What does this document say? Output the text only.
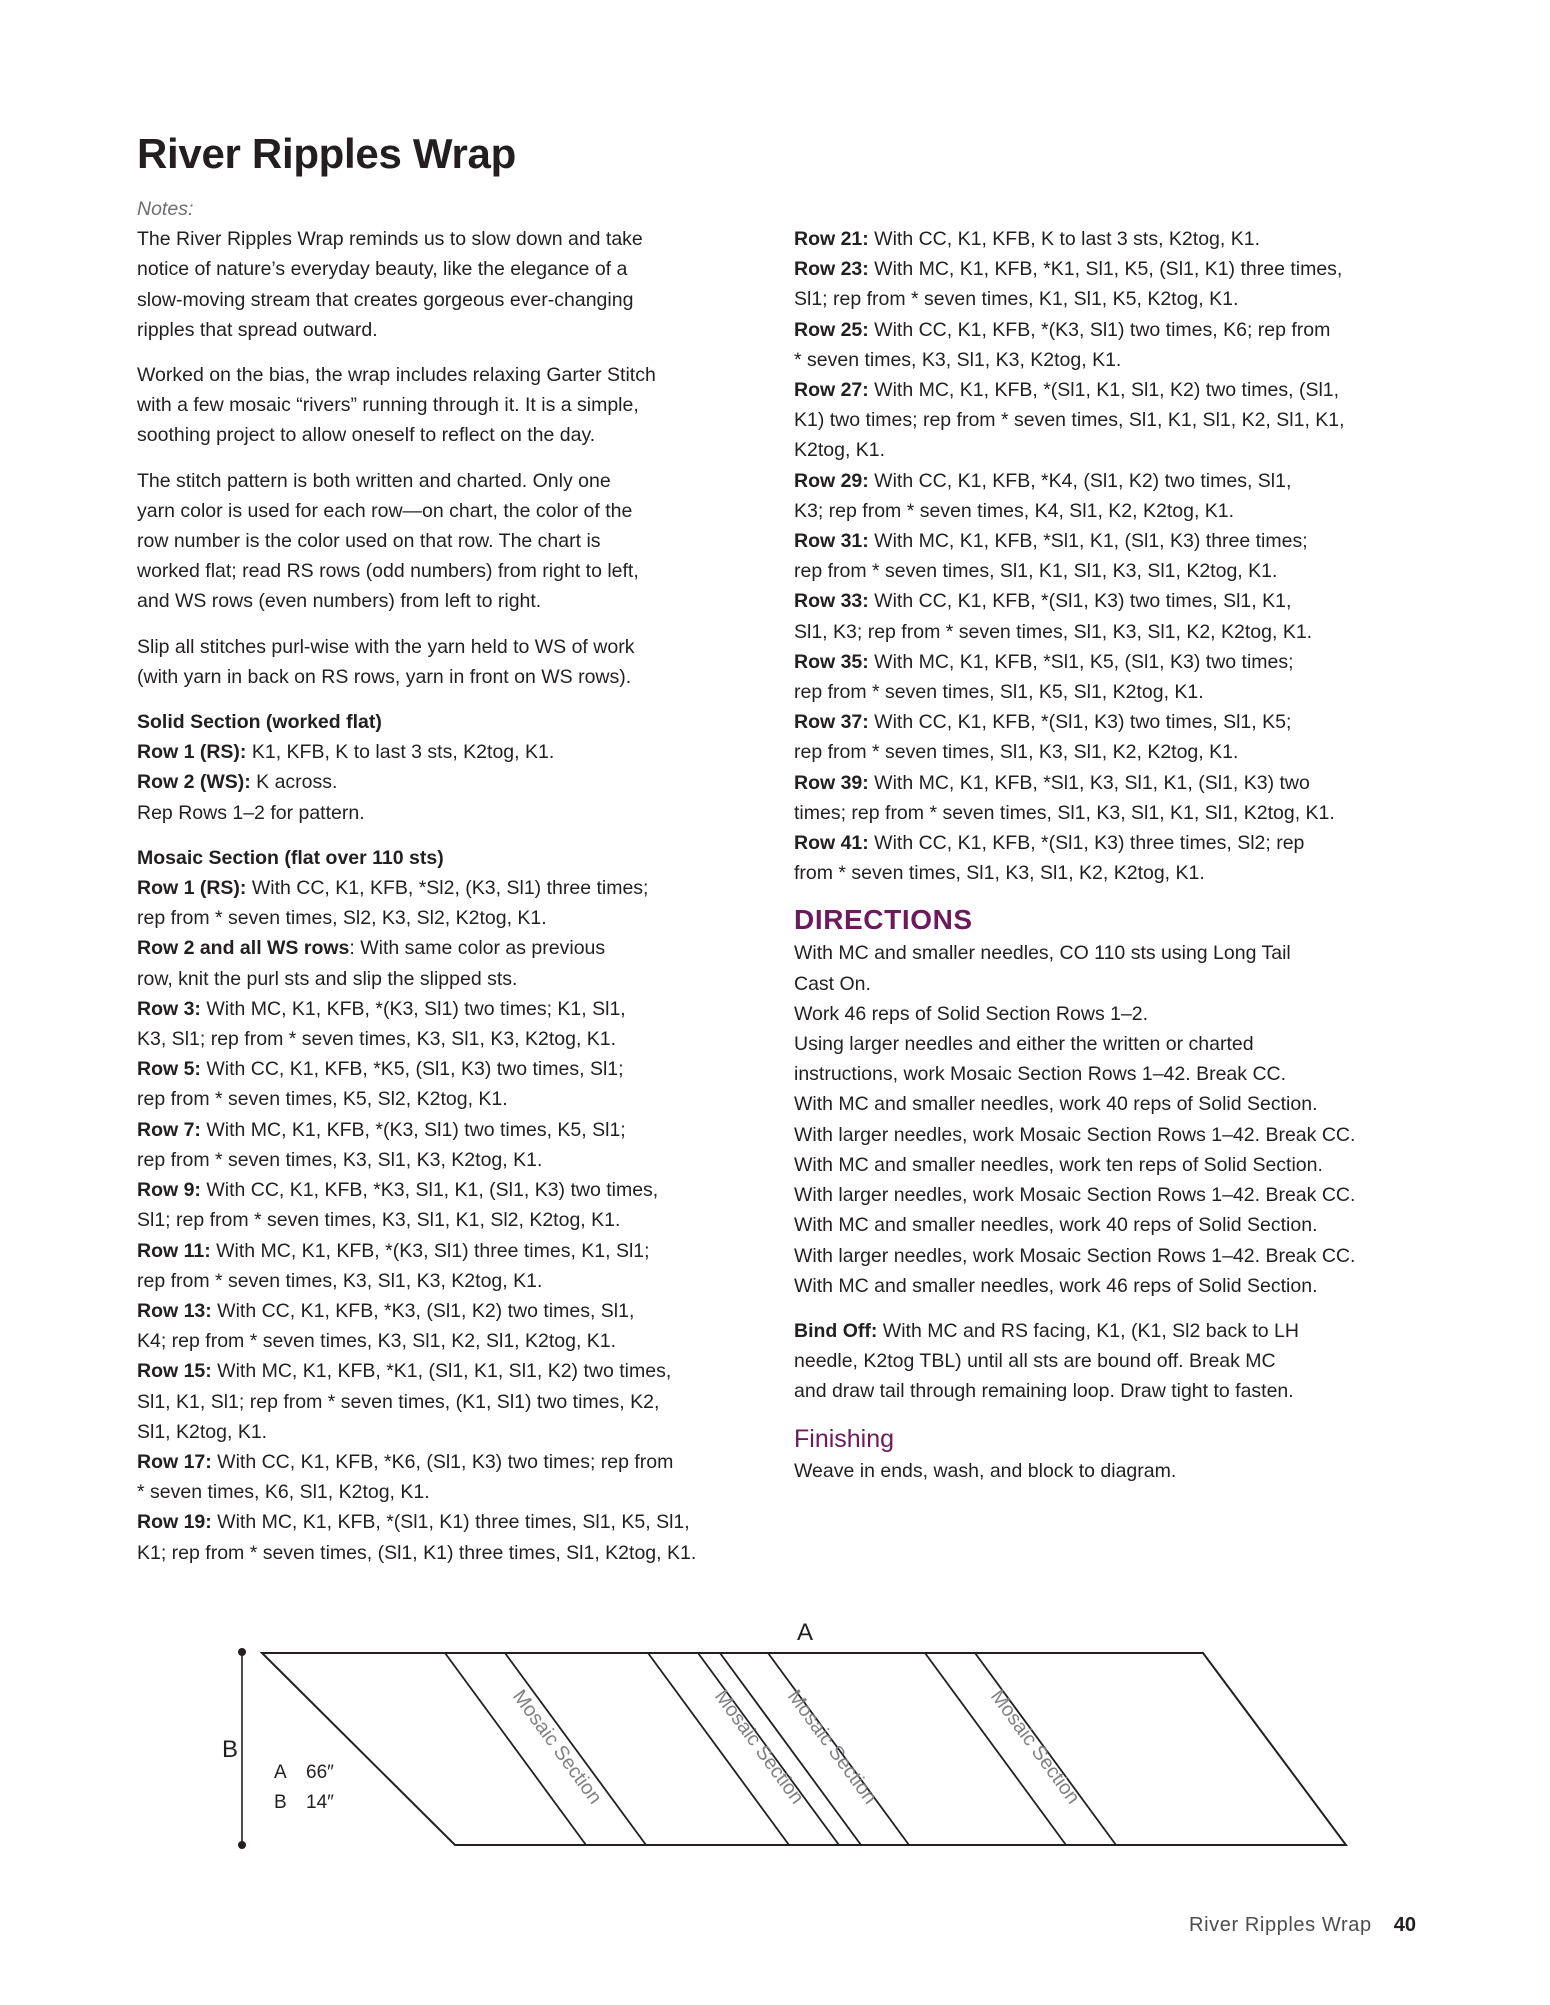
River Ripples Wrap
Notes:
The River Ripples Wrap reminds us to slow down and take
notice of nature’s everyday beauty, like the elegance of a
slow-moving stream that creates gorgeous ever-changing
ripples that spread outward.
Worked on the bias, the wrap includes relaxing Garter Stitch
with a few mosaic “rivers” running through it. It is a simple,
soothing project to allow oneself to reflect on the day.
The stitch pattern is both written and charted. Only one
yarn color is used for each row—on chart, the color of the
row number is the color used on that row. The chart is
worked flat; read RS rows (odd numbers) from right to left,
and WS rows (even numbers) from left to right.
Slip all stitches purl-wise with the yarn held to WS of work
(with yarn in back on RS rows, yarn in front on WS rows).
Solid Section (worked flat)
Row 1 (RS): K1, KFB, K to last 3 sts, K2tog, K1.
Row 2 (WS): K across.
Rep Rows 1–2 for pattern.
Mosaic Section (flat over 110 sts)
Row 1 (RS): With CC, K1, KFB, *Sl2, (K3, Sl1) three times;
rep from * seven times, Sl2, K3, Sl2, K2tog, K1.
Row 2 and all WS rows: With same color as previous
row, knit the purl sts and slip the slipped sts.
Row 3: With MC, K1, KFB, *(K3, Sl1) two times; K1, Sl1,
K3, Sl1; rep from * seven times, K3, Sl1, K3, K2tog, K1.
Row 5: With CC, K1, KFB, *K5, (Sl1, K3) two times, Sl1;
rep from * seven times, K5, Sl2, K2tog, K1.
Row 7: With MC, K1, KFB, *(K3, Sl1) two times, K5, Sl1;
rep from * seven times, K3, Sl1, K3, K2tog, K1.
Row 9: With CC, K1, KFB, *K3, Sl1, K1, (Sl1, K3) two times,
Sl1; rep from * seven times, K3, Sl1, K1, Sl2, K2tog, K1.
Row 11: With MC, K1, KFB, *(K3, Sl1) three times, K1, Sl1;
rep from * seven times, K3, Sl1, K3, K2tog, K1.
Row 13: With CC, K1, KFB, *K3, (Sl1, K2) two times, Sl1,
K4; rep from * seven times, K3, Sl1, K2, Sl1, K2tog, K1.
Row 15: With MC, K1, KFB, *K1, (Sl1, K1, Sl1, K2) two times,
Sl1, K1, Sl1; rep from * seven times, (K1, Sl1) two times, K2,
Sl1, K2tog, K1.
Row 17: With CC, K1, KFB, *K6, (Sl1, K3) two times; rep from
* seven times, K6, Sl1, K2tog, K1.
Row 19: With MC, K1, KFB, *(Sl1, K1) three times, Sl1, K5, Sl1,
K1; rep from * seven times, (Sl1, K1) three times, Sl1, K2tog, K1.
Row 21: With CC, K1, KFB, K to last 3 sts, K2tog, K1.
Row 23: With MC, K1, KFB, *K1, Sl1, K5, (Sl1, K1) three times,
Sl1; rep from * seven times, K1, Sl1, K5, K2tog, K1.
Row 25: With CC, K1, KFB, *(K3, Sl1) two times, K6; rep from
* seven times, K3, Sl1, K3, K2tog, K1.
Row 27: With MC, K1, KFB, *(Sl1, K1, Sl1, K2) two times, (Sl1,
K1) two times; rep from * seven times, Sl1, K1, Sl1, K2, Sl1, K1,
K2tog, K1.
Row 29: With CC, K1, KFB, *K4, (Sl1, K2) two times, Sl1,
K3; rep from * seven times, K4, Sl1, K2, K2tog, K1.
Row 31: With MC, K1, KFB, *Sl1, K1, (Sl1, K3) three times;
rep from * seven times, Sl1, K1, Sl1, K3, Sl1, K2tog, K1.
Row 33: With CC, K1, KFB, *(Sl1, K3) two times, Sl1, K1,
Sl1, K3; rep from * seven times, Sl1, K3, Sl1, K2, K2tog, K1.
Row 35: With MC, K1, KFB, *Sl1, K5, (Sl1, K3) two times;
rep from * seven times, Sl1, K5, Sl1, K2tog, K1.
Row 37: With CC, K1, KFB, *(Sl1, K3) two times, Sl1, K5;
rep from * seven times, Sl1, K3, Sl1, K2, K2tog, K1.
Row 39: With MC, K1, KFB, *Sl1, K3, Sl1, K1, (Sl1, K3) two
times; rep from * seven times, Sl1, K3, Sl1, K1, Sl1, K2tog, K1.
Row 41: With CC, K1, KFB, *(Sl1, K3) three times, Sl2; rep
from * seven times, Sl1, K3, Sl1, K2, K2tog, K1.
DIRECTIONS
With MC and smaller needles, CO 110 sts using Long Tail
Cast On.
Work 46 reps of Solid Section Rows 1–2.
Using larger needles and either the written or charted
instructions, work Mosaic Section Rows 1–42. Break CC.
With MC and smaller needles, work 40 reps of Solid Section.
With larger needles, work Mosaic Section Rows 1–42. Break CC.
With MC and smaller needles, work ten reps of Solid Section.
With larger needles, work Mosaic Section Rows 1–42. Break CC.
With MC and smaller needles, work 40 reps of Solid Section.
With larger needles, work Mosaic Section Rows 1–42. Break CC.
With MC and smaller needles, work 46 reps of Solid Section.
Bind Off: With MC and RS facing, K1, (K1, Sl2 back to LH
needle, K2tog TBL) until all sts are bound off. Break MC
and draw tail through remaining loop. Draw tight to fasten.
Finishing
Weave in ends, wash, and block to diagram.
Mosaic Section	Mosaic Section
Mosaic Section	Mosaic Section
A
B
A 66″
B 14″
River Ripples Wrap 40
